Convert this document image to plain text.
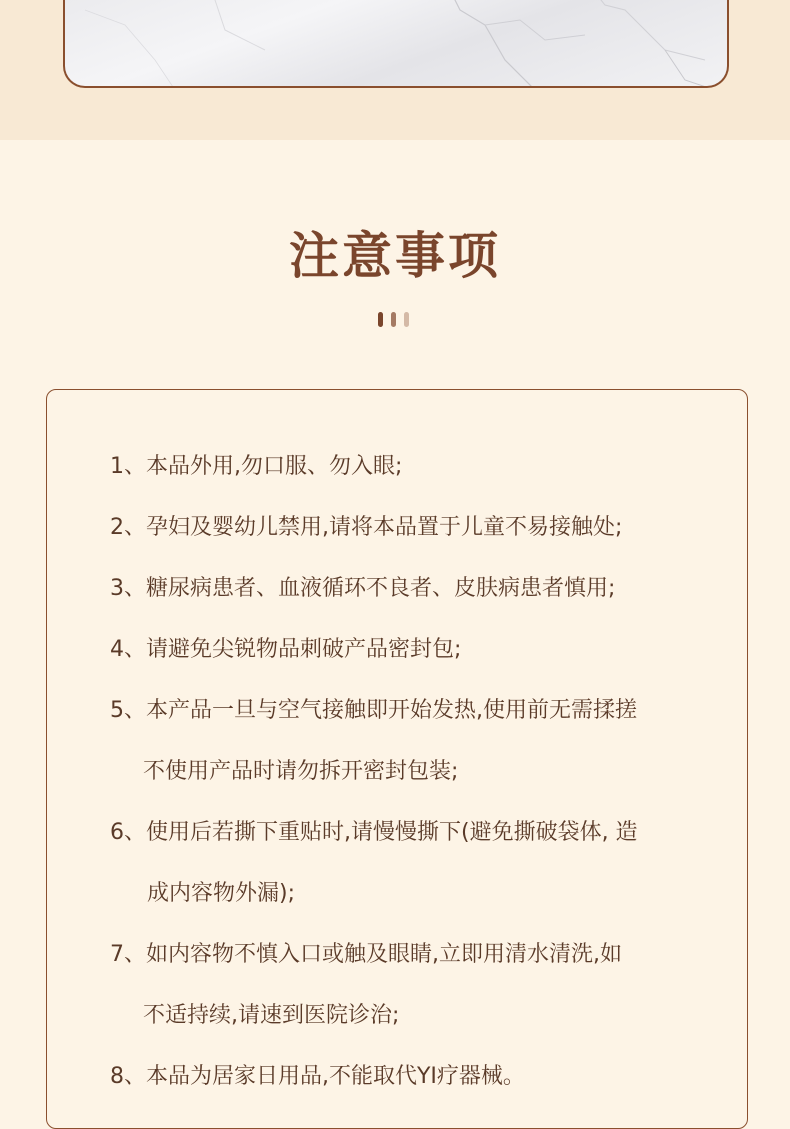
注意事项
1、本品外用,勿口服、勿入眼;
2、孕妇及婴幼儿禁用,请将本品置于儿童不易接触处;
3、糖尿病患者、血液循环不良者、皮肤病患者慎用;
4、请避免尖锐物品刺破产品密封包;
5、本产品一旦与空气接触即开始发热,使用前无需揉搓
不使用产品时请勿拆开密封包装;
6、使用后若撕下重贴时,请慢慢撕下(避免撕破袋体, 造
成内容物外漏);
7、如内容物不慎入口或触及眼睛,立即用清水清洗,如
不适持续,请速到医院诊治;
8、本品为居家日用品,不能取代YI疗器械。
